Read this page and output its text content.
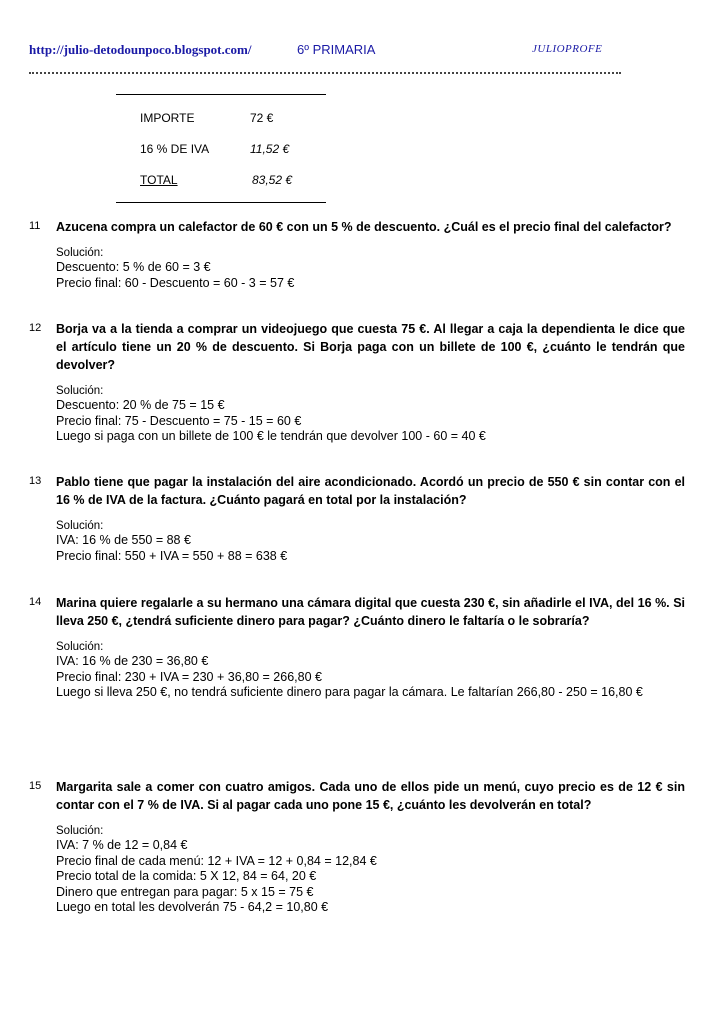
http://julio-detodounpoco.blogspot.com/	6º PRIMARIA	JULIOPROFE
IMPORTE	72 €
16 % DE IVA	11,52 €
TOTAL	83,52 €
11 Azucena compra un calefactor de 60 € con un 5 % de descuento. ¿Cuál es el precio final del calefactor?
Solución:
Descuento: 5 % de 60 = 3 €
Precio final: 60 - Descuento = 60 - 3 = 57 €
12 Borja va a la tienda a comprar un videojuego que cuesta 75 €. Al llegar a caja la dependienta le dice que el artículo tiene un 20 % de descuento. Si Borja paga con un billete de 100 €, ¿cuánto le tendrán que devolver?
Solución:
Descuento: 20 % de 75 = 15 €
Precio final: 75 - Descuento = 75 - 15 = 60 €
Luego si paga con un billete de 100 € le tendrán que devolver 100 - 60 = 40 €
13 Pablo tiene que pagar la instalación del aire acondicionado. Acordó un precio de 550 € sin contar con el 16 % de IVA de la factura. ¿Cuánto pagará en total por la instalación?
Solución:
IVA: 16 % de 550 = 88 €
Precio final: 550 + IVA = 550 + 88 = 638 €
14 Marina quiere regalarle a su hermano una cámara digital que cuesta 230 €, sin añadirle el IVA, del 16 %. Si lleva 250 €, ¿tendrá suficiente dinero para pagar? ¿Cuánto dinero le faltaría o le sobraría?
Solución:
IVA: 16 % de 230 = 36,80 €
Precio final: 230 + IVA = 230 + 36,80 = 266,80 €
Luego si lleva 250 €, no tendrá suficiente dinero para pagar la cámara. Le faltarían 266,80 - 250 = 16,80 €
15 Margarita sale a comer con cuatro amigos. Cada uno de ellos pide un menú, cuyo precio es de 12 € sin contar con el 7 % de IVA. Si al pagar cada uno pone 15 €, ¿cuánto les devolverán en total?
Solución:
IVA: 7 % de 12 = 0,84 €
Precio final de cada menú: 12 + IVA = 12 + 0,84 = 12,84 €
Precio total de la comida: 5 X 12, 84 = 64, 20 €
Dinero que entregan para pagar: 5 x 15 = 75 €
Luego en total les devolverán 75 - 64,2 = 10,80 €
